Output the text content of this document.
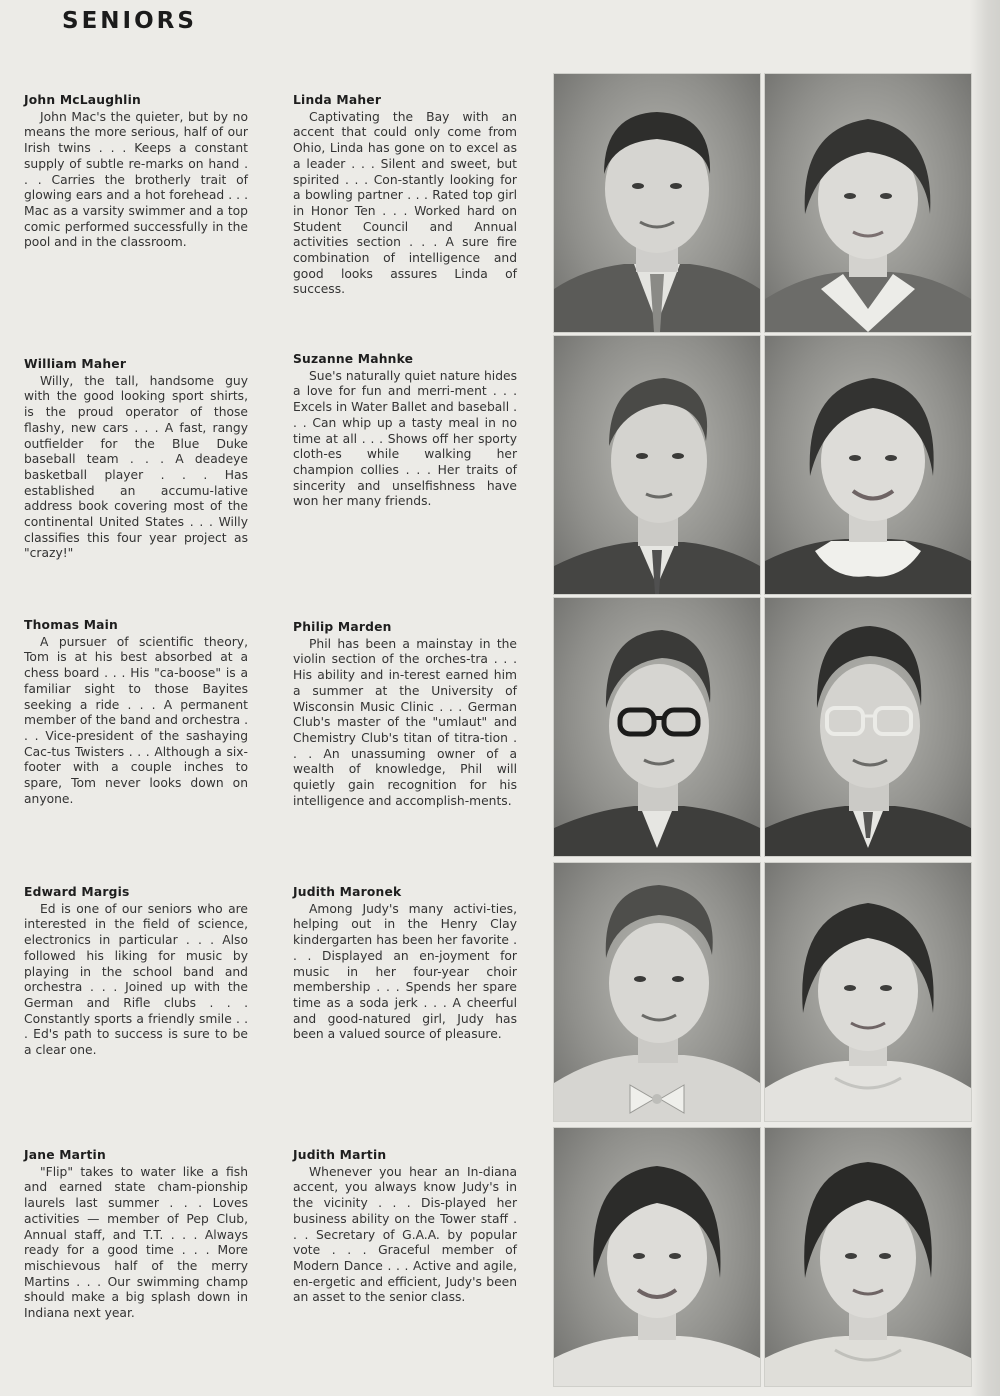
SENIORS
John McLaughlin
John Mac's the quieter, but by no means the more serious, half of our Irish twins . . . Keeps a constant supply of subtle re-marks on hand . . . Carries the brotherly trait of glowing ears and a hot forehead . . . Mac as a varsity swimmer and a top comic performed successfully in the pool and in the classroom.
William Maher
Willy, the tall, handsome guy with the good looking sport shirts, is the proud operator of those flashy, new cars . . . A fast, rangy outfielder for the Blue Duke baseball team . . . A deadeye basketball player . . . Has established an accumu-lative address book covering most of the continental United States . . . Willy classifies this four year project as "crazy!"
Thomas Main
A pursuer of scientific theory, Tom is at his best absorbed at a chess board . . . His "ca-boose" is a familiar sight to those Bayites seeking a ride . . . A permanent member of the band and orchestra . . . Vice-president of the sashaying Cac-tus Twisters . . . Although a six-footer with a couple inches to spare, Tom never looks down on anyone.
Edward Margis
Ed is one of our seniors who are interested in the field of science, electronics in particular . . . Also followed his liking for music by playing in the school band and orchestra . . . Joined up with the German and Rifle clubs . . . Constantly sports a friendly smile . . . Ed's path to success is sure to be a clear one.
Jane Martin
"Flip" takes to water like a fish and earned state cham-pionship laurels last summer . . . Loves activities — member of Pep Club, Annual staff, and T.T. . . . Always ready for a good time . . . More mischievous half of the merry Martins . . . Our swimming champ should make a big splash down in Indiana next year.
Linda Maher
Captivating the Bay with an accent that could only come from Ohio, Linda has gone on to excel as a leader . . . Silent and sweet, but spirited . . . Con-stantly looking for a bowling partner . . . Rated top girl in Honor Ten . . . Worked hard on Student Council and Annual activities section . . . A sure fire combination of intelligence and good looks assures Linda of success.
Suzanne Mahnke
Sue's naturally quiet nature hides a love for fun and merri-ment . . . Excels in Water Ballet and baseball . . . Can whip up a tasty meal in no time at all . . . Shows off her sporty cloth-es while walking her champion collies . . . Her traits of sincerity and unselfishness have won her many friends.
Philip Marden
Phil has been a mainstay in the violin section of the orches-tra . . . His ability and in-terest earned him a summer at the University of Wisconsin Music Clinic . . . German Club's master of the "umlaut" and Chemistry Club's titan of titra-tion . . . An unassuming owner of a wealth of knowledge, Phil will quietly gain recognition for his intelligence and accomplish-ments.
Judith Maronek
Among Judy's many activi-ties, helping out in the Henry Clay kindergarten has been her favorite . . . Displayed an en-joyment for music in her four-year choir membership . . . Spends her spare time as a soda jerk . . . A cheerful and good-natured girl, Judy has been a valued source of pleasure.
Judith Martin
Whenever you hear an In-diana accent, you always know Judy's in the vicinity . . . Dis-played her business ability on the Tower staff . . . Secretary of G.A.A. by popular vote . . . Graceful member of Modern Dance . . . Active and agile, en-ergetic and efficient, Judy's been an asset to the senior class.
